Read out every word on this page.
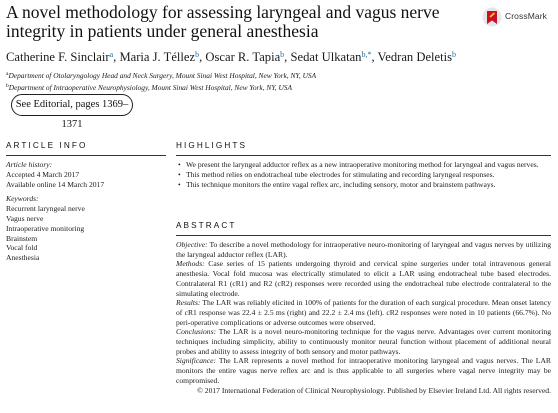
A novel methodology for assessing laryngeal and vagus nerve integrity in patients under general anesthesia
CrossMark
Catherine F. Sinclair$^a$, Maria J. Téllez$^b$, Oscar R. Tapia$^b$, Sedat Ulkatan$^{b,*}$, Vedran Deletis$^b$
$^a$Department of Otolaryngology Head and Neck Surgery, Mount Sinai West Hospital, New York, NY, USA
$^b$Department of Intraoperative Neurophysiology, Mount Sinai West Hospital, New York, NY, USA
See Editorial, pages 1369–1371
ARTICLE INFO	HIGHLIGHTS
Article history:
Accepted 4 March 2017
Available online 14 March 2017
Keywords:
Recurrent laryngeal nerve
Vagus nerve
Intraoperative monitoring
Brainstem
Vocal fold
Anesthesia
• We present the laryngeal adductor reflex as a new intraoperative monitoring method for laryngeal and vagus nerves.
• This method relies on endotracheal tube electrodes for stimulating and recording laryngeal responses.
• This technique monitors the entire vagal reflex arc, including sensory, motor and brainstem pathways.
ABSTRACT

Objective: To describe a novel methodology for intraoperative neuro-monitoring of laryngeal and vagus nerves by utilizing the laryngeal adductor reflex (LAR).

Methods: Case series of 15 patients undergoing thyroid and cervical spine surgeries under total intravenous general anesthesia. Vocal fold mucosa was electrically stimulated to elicit a LAR using endotracheal tube based electrodes. Contralateral R1 (cR1) and R2 (cR2) responses were recorded using the endotracheal tube electrode contralateral to the simulating electrode.

Results: The LAR was reliably elicited in 100% of patients for the duration of each surgical procedure. Mean onset latency of cR1 response was 22.4 ± 2.5 ms (right) and 22.2 ± 2.4 ms (left). cR2 responses were noted in 10 patients (66.7%). No peri-operative complications or adverse outcomes were observed.

Conclusions: The LAR is a novel neuro-monitoring technique for the vagus nerve. Advantages over current monitoring techniques including simplicity, ability to continuously monitor neural function without placement of additional neural probes and ability to assess integrity of both sensory and motor pathways.

Significance: The LAR represents a novel method for intraoperative monitoring laryngeal and vagus nerves. The LAR monitors the entire vagus nerve reflex arc and is thus applicable to all surgeries where vagal nerve integrity may be compromised.

© 2017 International Federation of Clinical Neurophysiology. Published by Elsevier Ireland Ltd. All rights reserved.
